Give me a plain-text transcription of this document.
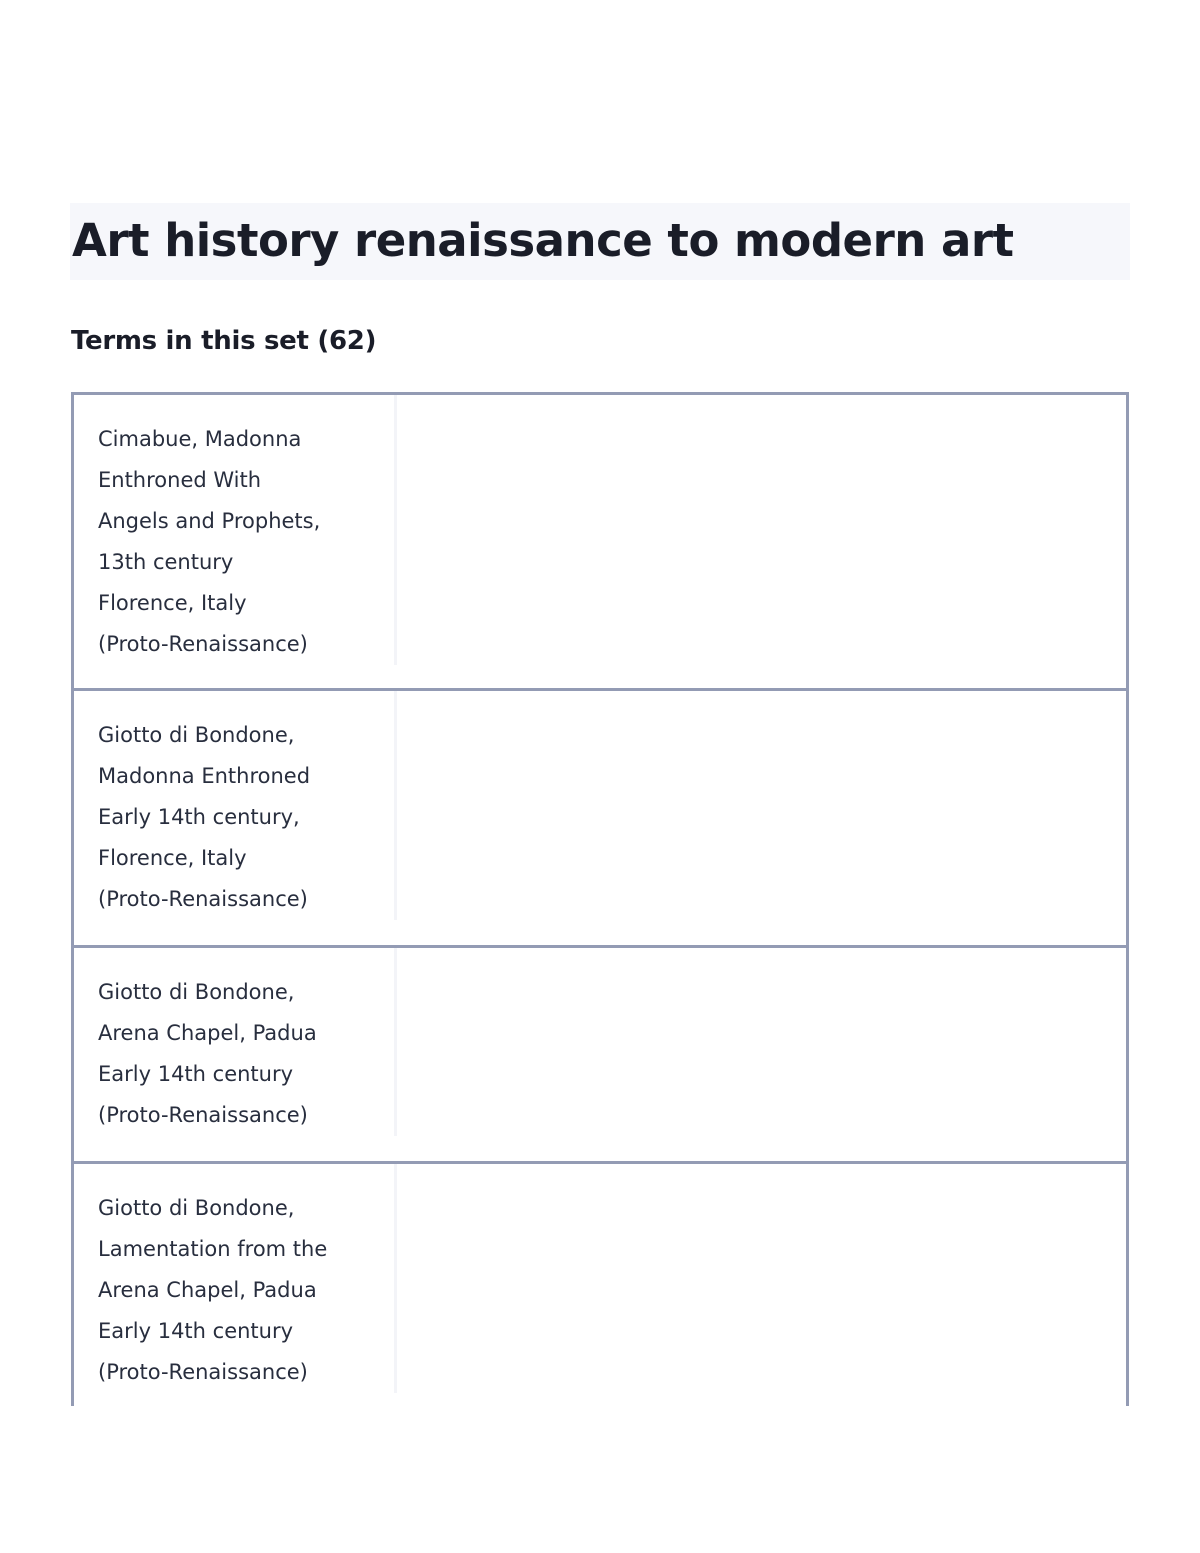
Art history renaissance to modern art
Terms in this set (62)
Cimabue, Madonna
Enthroned With
Angels and Prophets,
13th century
Florence, Italy
(Proto-Renaissance)
Giotto di Bondone,
Madonna Enthroned
Early 14th century,
Florence, Italy
(Proto-Renaissance)
Giotto di Bondone,
Arena Chapel, Padua
Early 14th century
(Proto-Renaissance)
Giotto di Bondone,
Lamentation from the
Arena Chapel, Padua
Early 14th century
(Proto-Renaissance)
